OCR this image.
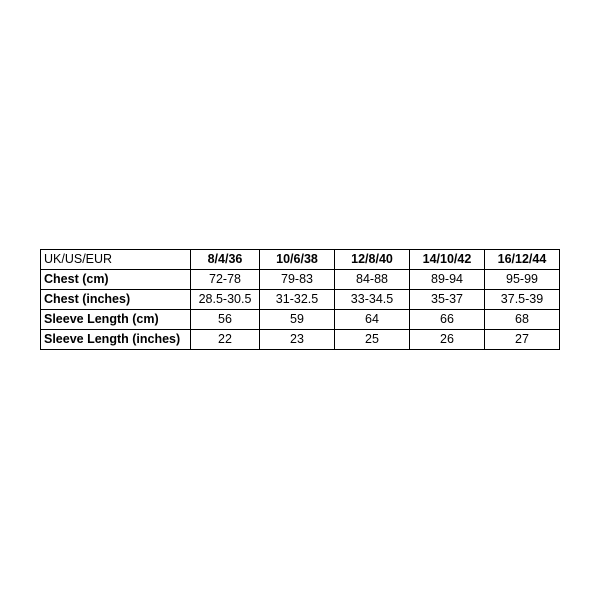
UK/US/EUR	8/4/36	10/6/38	12/8/40	14/10/42	16/12/44
Chest (cm)	72-78	79-83	84-88	89-94	95-99
Chest (inches)	28.5-30.5	31-32.5	33-34.5	35-37	37.5-39
Sleeve Length (cm)	56	59	64	66	68
Sleeve Length (inches)	22	23	25	26	27
